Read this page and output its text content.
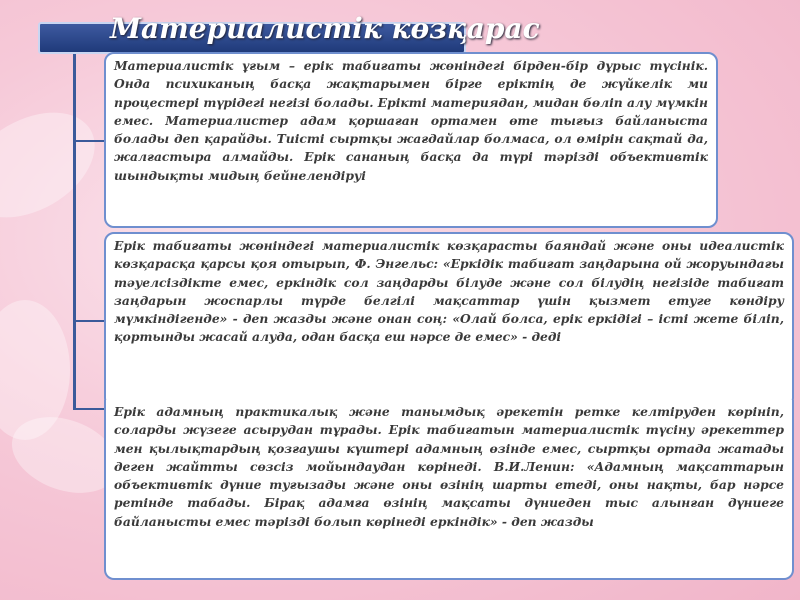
Материалистік көзқарас
Материалистік ұғым – ерік табиғаты жөніндегі бірден-бір дұрыс түсінік. Онда психиканың басқа жақтарымен бірге еріктің де жүйкелік ми процестері түрідегі негізі болады. Ерікті материядан, мидан бөліп алу мүмкін емес. Материалистер адам қоршаған ортамен өте тығыз байланыста болады деп қарайды. Тиісті сыртқы жағдайлар болмаса, ол өмірін сақтай да, жалғастыра алмайды. Ерік сананың басқа да түрі тәрізді объективтік шындықты мидың бейнелендіруі
Ерік табиғаты жөніндегі материалистік көзқарасты баяндай және оны идеалистік көзқарасқа қарсы қоя отырып, Ф. Энгельс: «Еркідік табиғат заңдарына ой жоруындағы тәуелсіздікте емес, еркіндік сол заңдарды білуде және сол білудің негізіде табиғат заңдарын жоспарлы түрде белгілі мақсаттар үшін қызмет етуге көндіру мүмкіндігенде» - деп жазды және онан соң: «Олай болса, ерік еркідігі – істі жете біліп, қортынды жасай алуда, одан басқа еш нәрсе де емес» - деді
Ерік адамның практикалық және танымдық әрекетін ретке келтіруден көрініп, соларды жүзеге асырудан тұрады. Ерік табиғатын материалистік түсіну әрекеттер мен қылықтардың қозғаушы күштері адамның өзінде емес, сыртқы ортада жатады деген жайтты сөзсіз мойындаудан көрінеді. В.И.Ленин: «Адамның мақсаттарын объективтік дүние туғызады және оны өзінің шарты етеді, оны нақты, бар нәрсе ретінде табады. Бірақ адамға өзінің мақсаты дүниеден тыс алынған дүниеге байланысты емес тәрізді болып көрінеді еркіндік» - деп жазды
